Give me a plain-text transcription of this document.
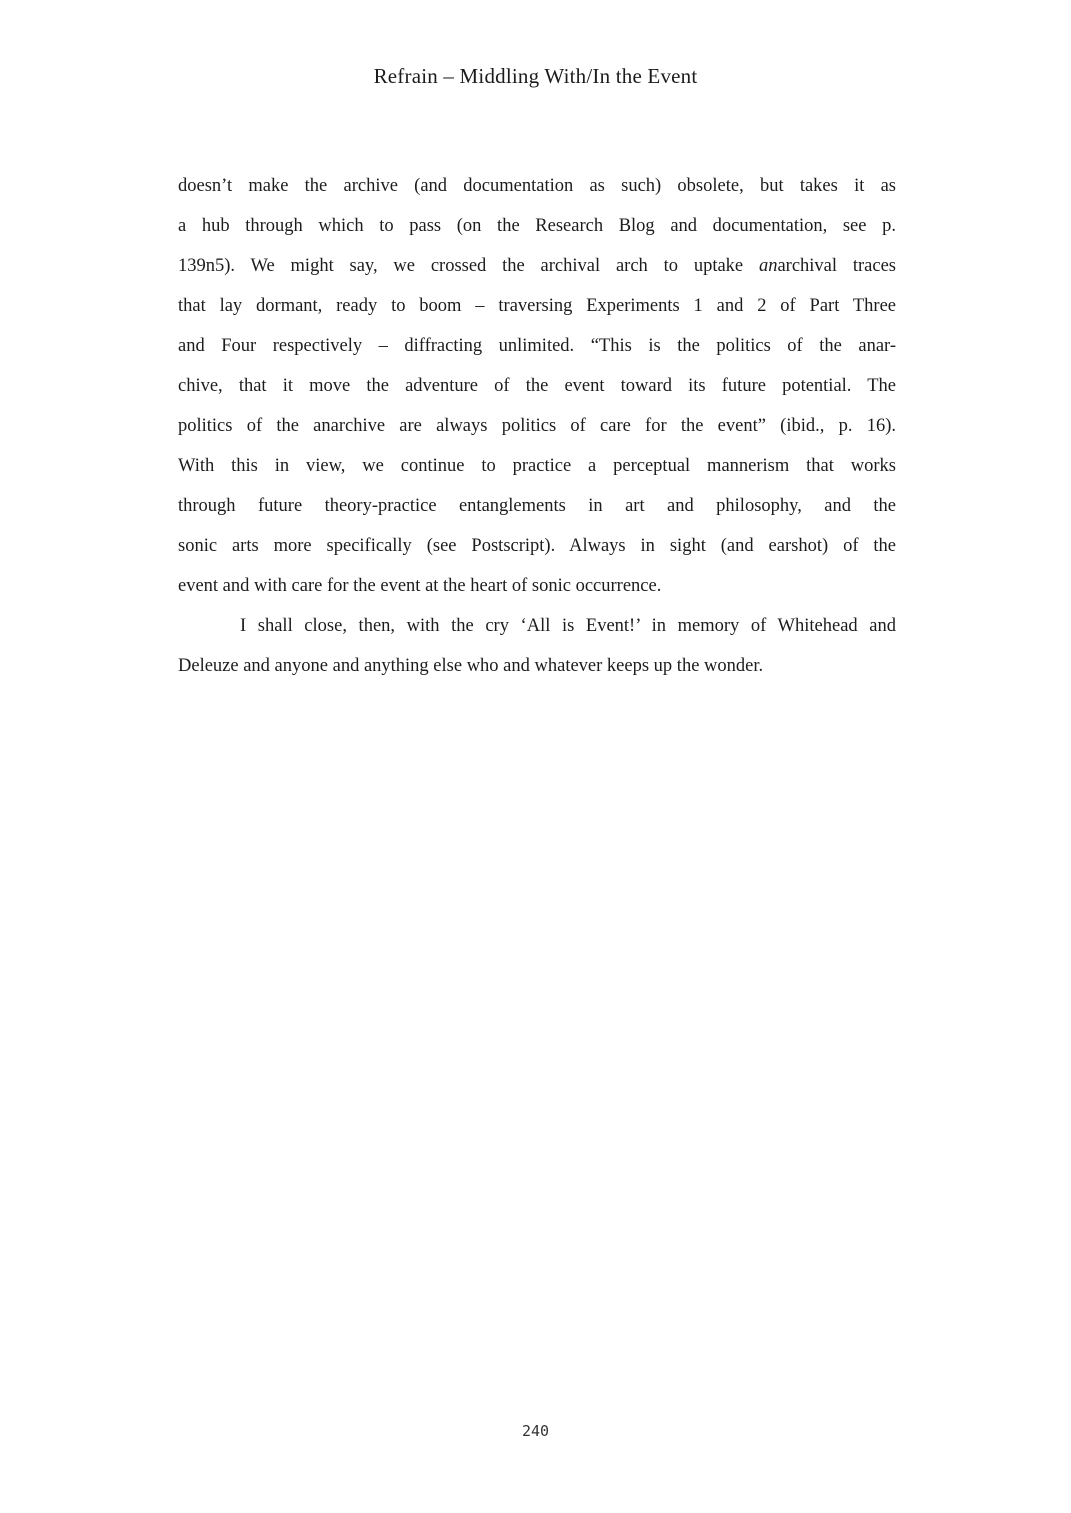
Refrain – Middling With/In the Event
doesn’t make the archive (and documentation as such) obsolete, but takes it as
a hub through which to pass (on the Research Blog and documentation, see p.
139n5). We might say, we crossed the archival arch to uptake anarchival traces
that lay dormant, ready to boom – traversing Experiments 1 and 2 of Part Three
and Four respectively – diffracting unlimited. “This is the politics of the anar-
chive, that it move the adventure of the event toward its future potential. The
politics of the anarchive are always politics of care for the event” (ibid., p. 16).
With this in view, we continue to practice a perceptual mannerism that works
through future theory-practice entanglements in art and philosophy, and the
sonic arts more specifically (see Postscript). Always in sight (and earshot) of the
event and with care for the event at the heart of sonic occurrence.
I shall close, then, with the cry ‘All is Event!’ in memory of Whitehead and
Deleuze and anyone and anything else who and whatever keeps up the wonder.
240
